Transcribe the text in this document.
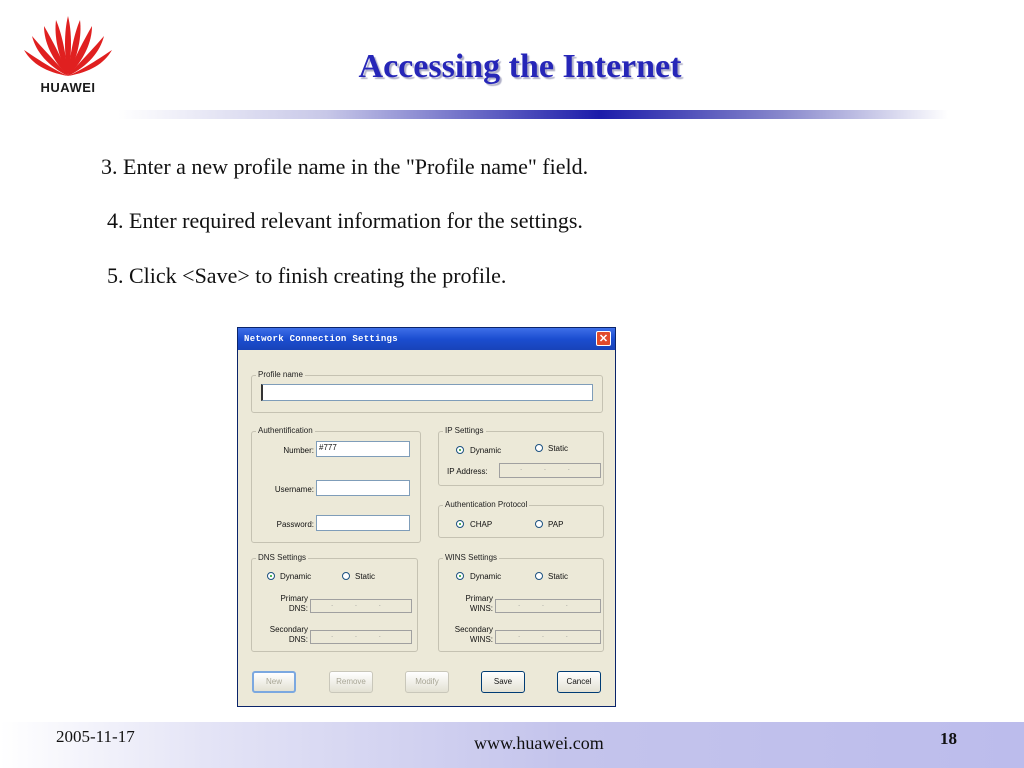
HUAWEI
Accessing the Internet
3. Enter a new profile name in the "Profile name" field.
4. Enter required relevant information for the settings.
5. Click <Save> to finish creating the profile.
Network Connection Settings	✕
Profile name
Authentification
Number: #777
Username:
Password:
IP Settings
Dynamic	Static
IP Address:	. . .
Authentication Protocol
CHAP	PAP
DNS Settings
Dynamic	Static
Primary
DNS:	. . .
Secondary
DNS:	. . .
WINS Settings
Dynamic	Static
Primary
WINS:	. . .
Secondary
WINS:	. . .
New	Remove	Modify	Save	Cancel
2005-11-17	www.huawei.com	18
